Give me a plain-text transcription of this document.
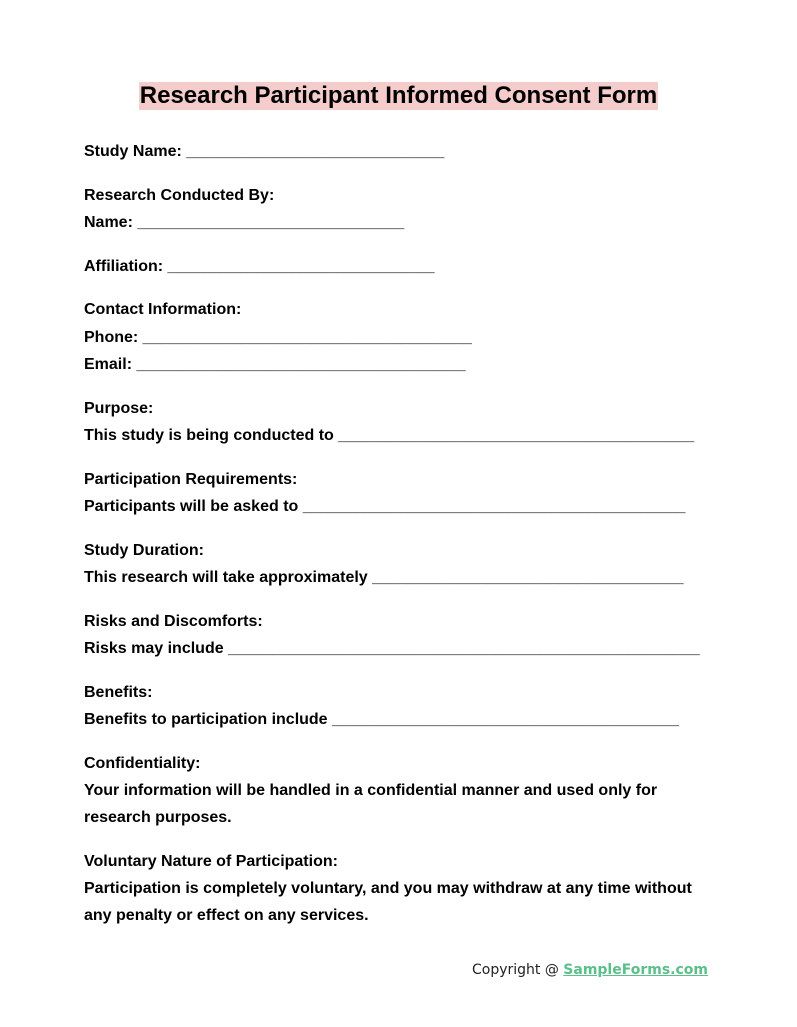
Research Participant Informed Consent Form
Study Name: _____________________________
Research Conducted By:
Name: ______________________________
Affiliation: ______________________________
Contact Information:
Phone: _____________________________________
Email: _____________________________________
Purpose:
This study is being conducted to ________________________________________
Participation Requirements:
Participants will be asked to ___________________________________________
Study Duration:
This research will take approximately ___________________________________
Risks and Discomforts:
Risks may include _____________________________________________________
Benefits:
Benefits to participation include _______________________________________
Confidentiality:
Your information will be handled in a confidential manner and used only for research purposes.
Voluntary Nature of Participation:
Participation is completely voluntary, and you may withdraw at any time without any penalty or effect on any services.
Copyright @ SampleForms.com
